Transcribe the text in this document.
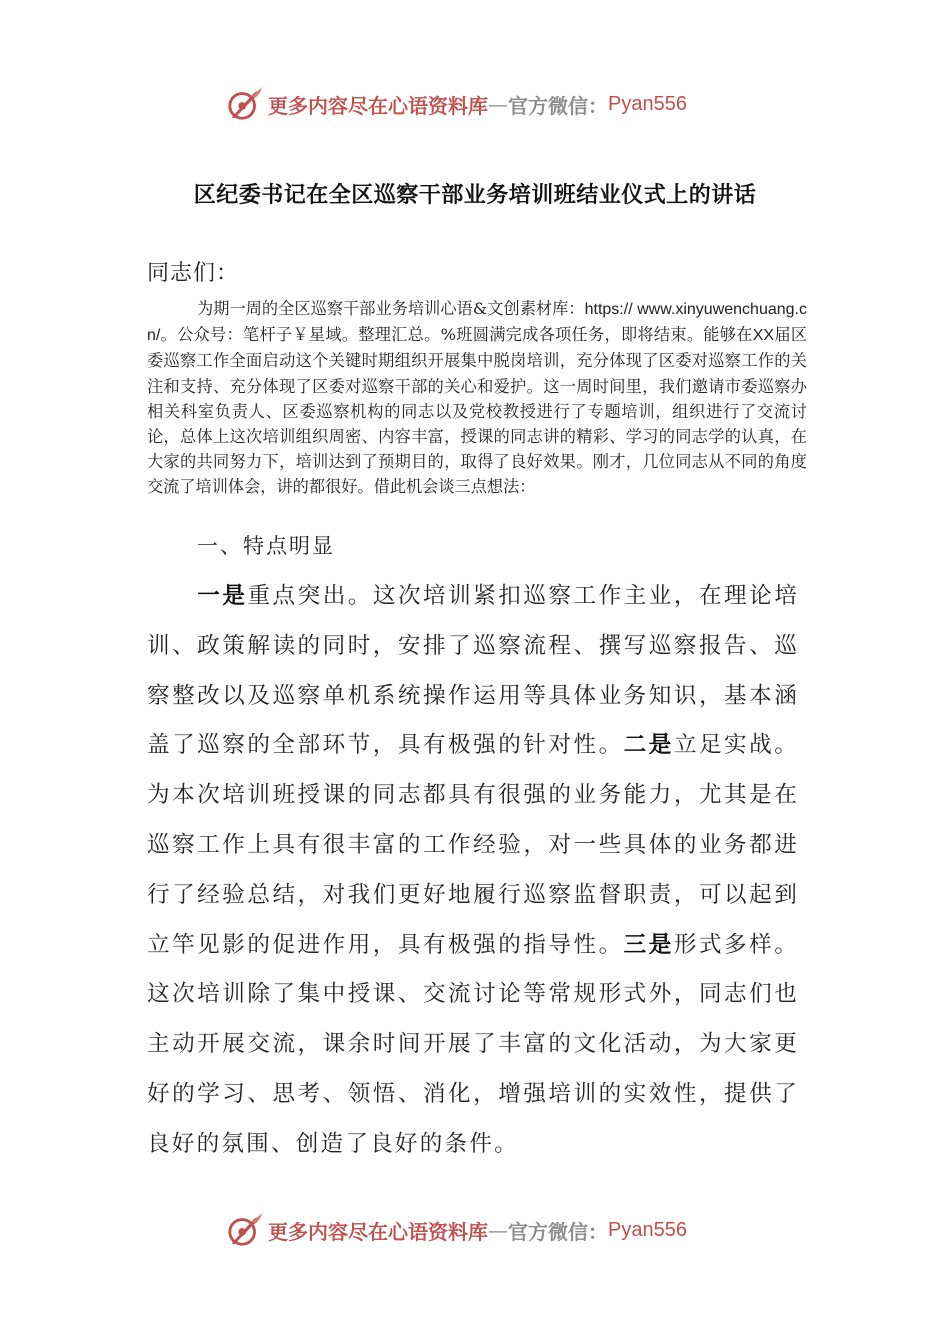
更多内容尽在心语资料库 — 官方微信： Pyan556
区纪委书记在全区巡察干部业务培训班结业仪式上的讲话
同志们：
为期一周的全区巡察干部业务培训心语&文创素材库：https:// www.xinyuwenchuang.cn/。公众号：笔杆子￥星域。整理汇总。%班圆满完成各项任务，即将结束。能够在XX届区委巡察工作全面启动这个关键时期组织开展集中脱岗培训，充分体现了区委对巡察工作的关注和支持、充分体现了区委对巡察干部的关心和爱护。这一周时间里，我们邀请市委巡察办相关科室负责人、区委巡察机构的同志以及党校教授进行了专题培训，组织进行了交流讨论，总体上这次培训组织周密、内容丰富，授课的同志讲的精彩、学习的同志学的认真，在大家的共同努力下，培训达到了预期目的，取得了良好效果。刚才，几位同志从不同的角度交流了培训体会，讲的都很好。借此机会谈三点想法：
一、特点明显
一是重点突出。这次培训紧扣巡察工作主业，在理论培训、政策解读的同时，安排了巡察流程、撰写巡察报告、巡察整改以及巡察单机系统操作运用等具体业务知识，基本涵盖了巡察的全部环节，具有极强的针对性。二是立足实战。为本次培训班授课的同志都具有很强的业务能力，尤其是在巡察工作上具有很丰富的工作经验，对一些具体的业务都进行了经验总结，对我们更好地履行巡察监督职责，可以起到立竿见影的促进作用，具有极强的指导性。三是形式多样。这次培训除了集中授课、交流讨论等常规形式外，同志们也主动开展交流，课余时间开展了丰富的文化活动，为大家更好的学习、思考、领悟、消化，增强培训的实效性，提供了良好的氛围、创造了良好的条件。
更多内容尽在心语资料库 — 官方微信： Pyan556
